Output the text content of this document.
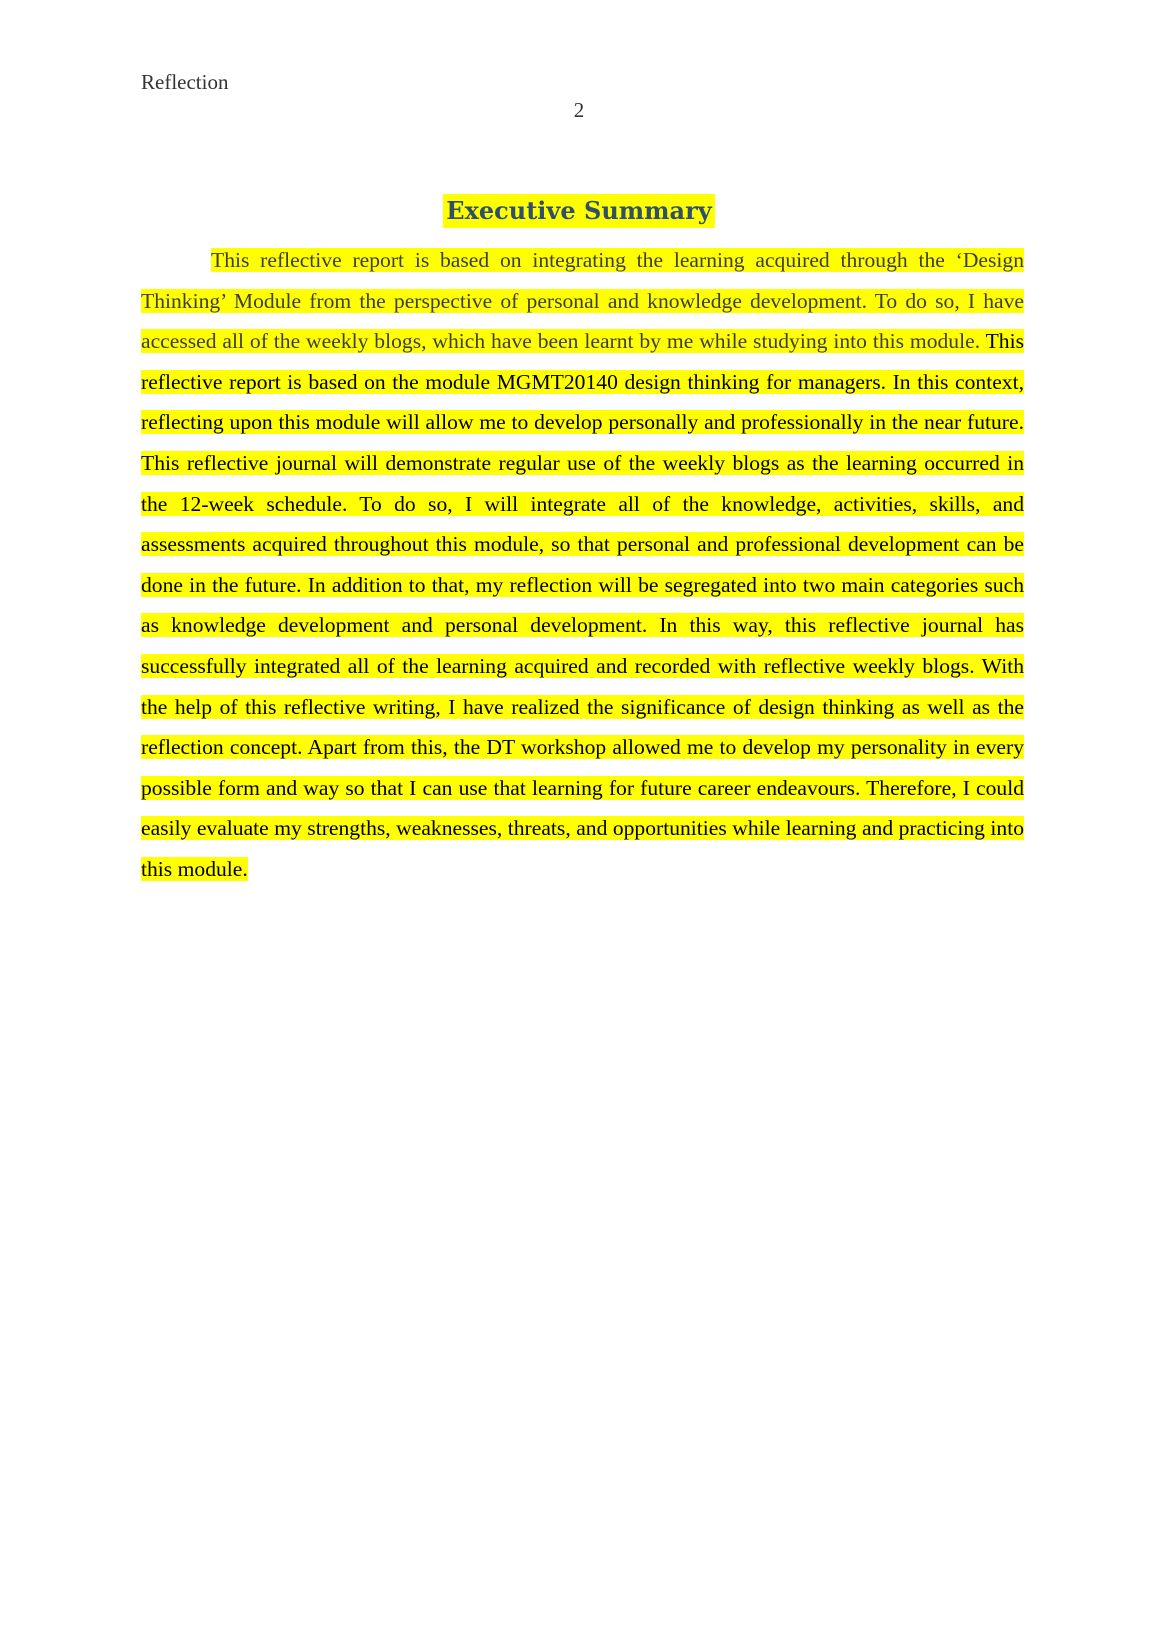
Reflection
2
Executive Summary

This reflective report is based on integrating the learning acquired through the ‘Design Thinking’ Module from the perspective of personal and knowledge development. To do so, I have accessed all of the weekly blogs, which have been learnt by me while studying into this module. This reflective report is based on the module MGMT20140 design thinking for managers. In this context, reflecting upon this module will allow me to develop personally and professionally in the near future. This reflective journal will demonstrate regular use of the weekly blogs as the learning occurred in the 12-week schedule. To do so, I will integrate all of the knowledge, activities, skills, and assessments acquired throughout this module, so that personal and professional development can be done in the future. In addition to that, my reflection will be segregated into two main categories such as knowledge development and personal development. In this way, this reflective journal has successfully integrated all of the learning acquired and recorded with reflective weekly blogs. With the help of this reflective writing, I have realized the significance of design thinking as well as the reflection concept. Apart from this, the DT workshop allowed me to develop my personality in every possible form and way so that I can use that learning for future career endeavours. Therefore, I could easily evaluate my strengths, weaknesses, threats, and opportunities while learning and practicing into this module.
